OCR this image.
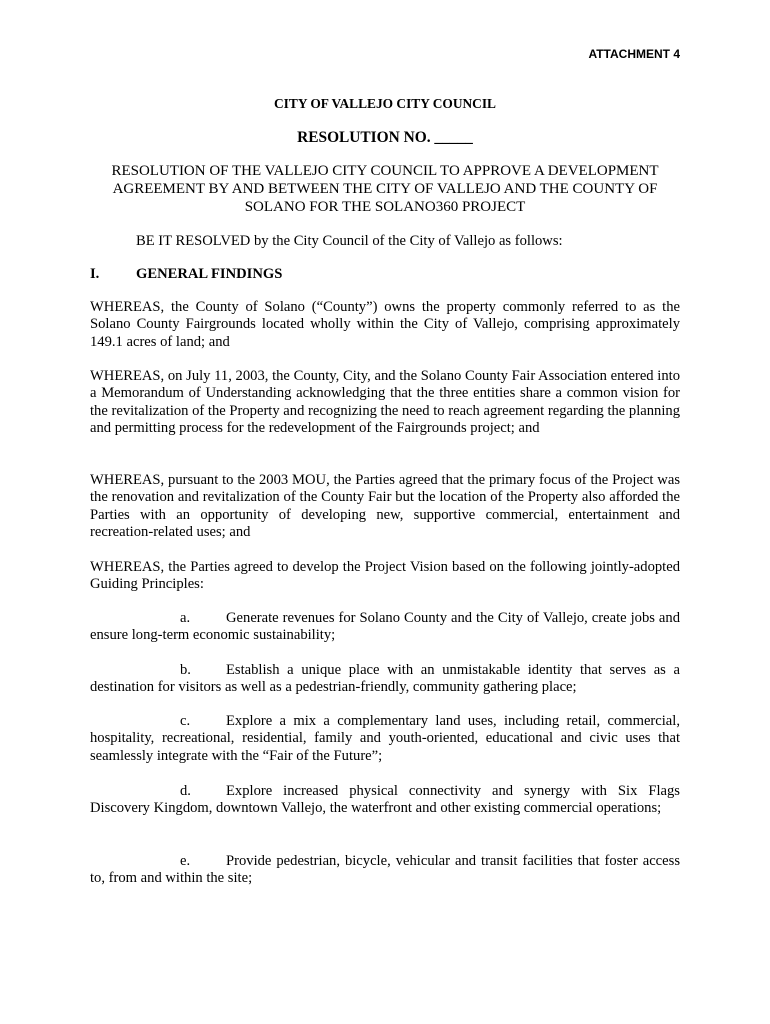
ATTACHMENT 4
CITY OF VALLEJO CITY COUNCIL
RESOLUTION NO. _____
RESOLUTION OF THE VALLEJO CITY COUNCIL TO APPROVE A DEVELOPMENT
AGREEMENT BY AND BETWEEN THE CITY OF VALLEJO AND THE COUNTY OF
SOLANO FOR THE SOLANO360 PROJECT
BE IT RESOLVED by the City Council of the City of Vallejo as follows:
I.	GENERAL FINDINGS
WHEREAS, the County of Solano (“County”) owns the property commonly referred to as the Solano County Fairgrounds located wholly within the City of Vallejo, comprising approximately 149.1 acres of land; and
WHEREAS, on July 11, 2003, the County, City, and the Solano County Fair Association entered into a Memorandum of Understanding acknowledging that the three entities share a common vision for the revitalization of the Property and recognizing the need to reach agreement regarding the planning and permitting process for the redevelopment of the Fairgrounds project; and
WHEREAS, pursuant to the 2003 MOU, the Parties agreed that the primary focus of the Project was the renovation and revitalization of the County Fair but the location of the Property also afforded the Parties with an opportunity of developing new, supportive commercial, entertainment and recreation-related uses; and
WHEREAS, the Parties agreed to develop the Project Vision based on the following jointly-adopted Guiding Principles:
a. Generate revenues for Solano County and the City of Vallejo, create jobs and ensure long-term economic sustainability;
b. Establish a unique place with an unmistakable identity that serves as a destination for visitors as well as a pedestrian-friendly, community gathering place;
c. Explore a mix a complementary land uses, including retail, commercial, hospitality, recreational, residential, family and youth-oriented, educational and civic uses that seamlessly integrate with the “Fair of the Future”;
d. Explore increased physical connectivity and synergy with Six Flags Discovery Kingdom, downtown Vallejo, the waterfront and other existing commercial operations;
e. Provide pedestrian, bicycle, vehicular and transit facilities that foster access to, from and within the site;
